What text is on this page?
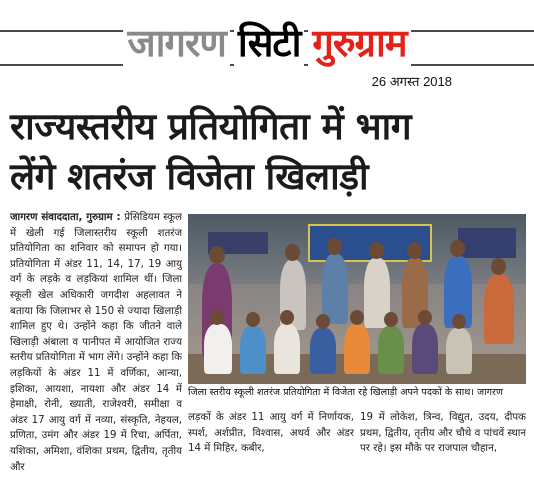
जागरण सिटी गुरुग्राम
26 अगस्त 2018
राज्यस्तरीय प्रतियोगिता में भाग
लेंगे शतरंज विजेता खिलाड़ी
जागरण संवाददाता, गुरुग्राम : प्रेसिडियम स्कूल में खेली गई जिलास्तरीय स्कूली शतरंज प्रतियोगिता का शनिवार को समापन हो गया। प्रतियोगिता में अंडर 11, 14, 17, 19 आयु वर्ग के लड़के व लड़कियां शामिल थीं। जिला स्कूली खेल अधिकारी जगदीश अहलावत ने बताया कि जिलाभर से 150 से ज्यादा खिलाड़ी शामिल हुए थे। उन्होंने कहा कि जीतने वाले खिलाड़ी अंबाला व पानीपत में आयोजित राज्य स्तरीय प्रतियोगिता में भाग लेंगे। उन्होंने कहा कि लड़कियों के अंडर 11 में वर्णिका, आन्या, इशिका, आयशा, नायशा और अंडर 14 में हेमाक्षी, रोनी, ख्याती, राजेश्वरी, समीक्षा व अंडर 17 आयु वर्ग में नव्या, संस्कृति, नेहयल, प्रणिता, उमंग और अंडर 19 में रिचा, अर्पिता, यशिका, अमिशा, वंशिका प्रथम, द्वितीय, तृतीय और
जिला स्तरीय स्कूली शतरंज प्रतियोगिता में विजेता रहे खिलाड़ी अपने पदकों के साथ। जागरण
लड़कों के अंडर 11 आयु वर्ग में निर्णायक, स्पर्श, अर्शप्रीत, विश्वास, अथर्व और अंडर 14 में मिहिर, कबीर,
19 में लोकेश, त्रिन्व, विद्युत, उदय, दीपक प्रथम, द्वितीय, तृतीय और चौथे व पांचवें स्थान पर रहे। इस मौके पर राजपाल चौहान,
